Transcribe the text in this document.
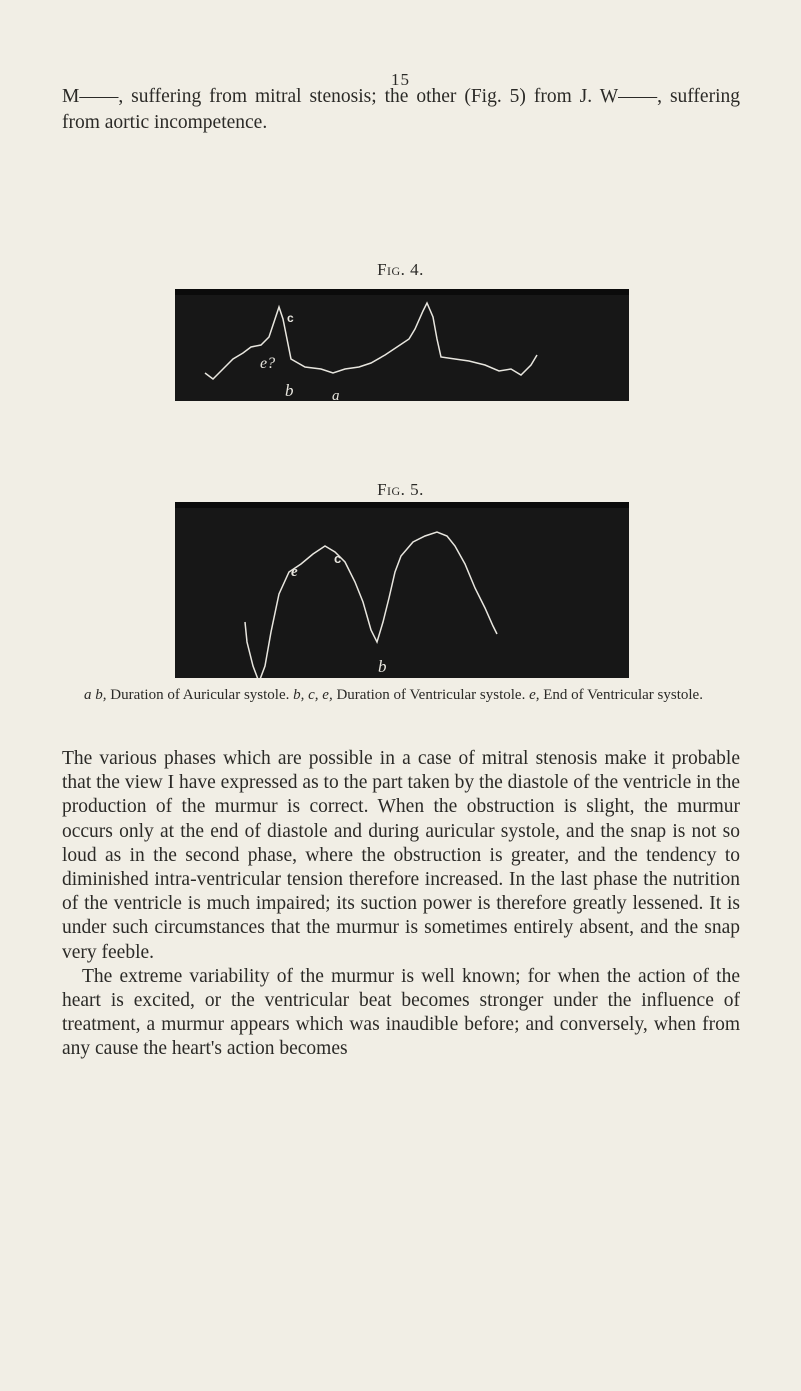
15
M——, suffering from mitral stenosis; the other (Fig. 5) from J. W——, suffering from aortic incompetence.
Fig. 4.
c
e?
b	a
Fig. 5.
e
c
b
a b, Duration of Auricular systole. b, c, e, Duration of Ventricular systole. e, End of Ventricular systole.

The various phases which are possible in a case of mitral stenosis make it probable that the view I have expressed as to the part taken by the diastole of the ventricle in the production of the murmur is correct. When the obstruction is slight, the murmur occurs only at the end of diastole and during auricular systole, and the snap is not so loud as in the second phase, where the obstruction is greater, and the tendency to diminished intra-ventricular tension therefore increased. In the last phase the nutrition of the ventricle is much impaired; its suction power is therefore greatly lessened. It is under such circumstances that the murmur is sometimes entirely absent, and the snap very feeble.

The extreme variability of the murmur is well known; for when the action of the heart is excited, or the ventricular beat becomes stronger under the influence of treatment, a murmur appears which was inaudible before; and conversely, when from any cause the heart's action becomes
